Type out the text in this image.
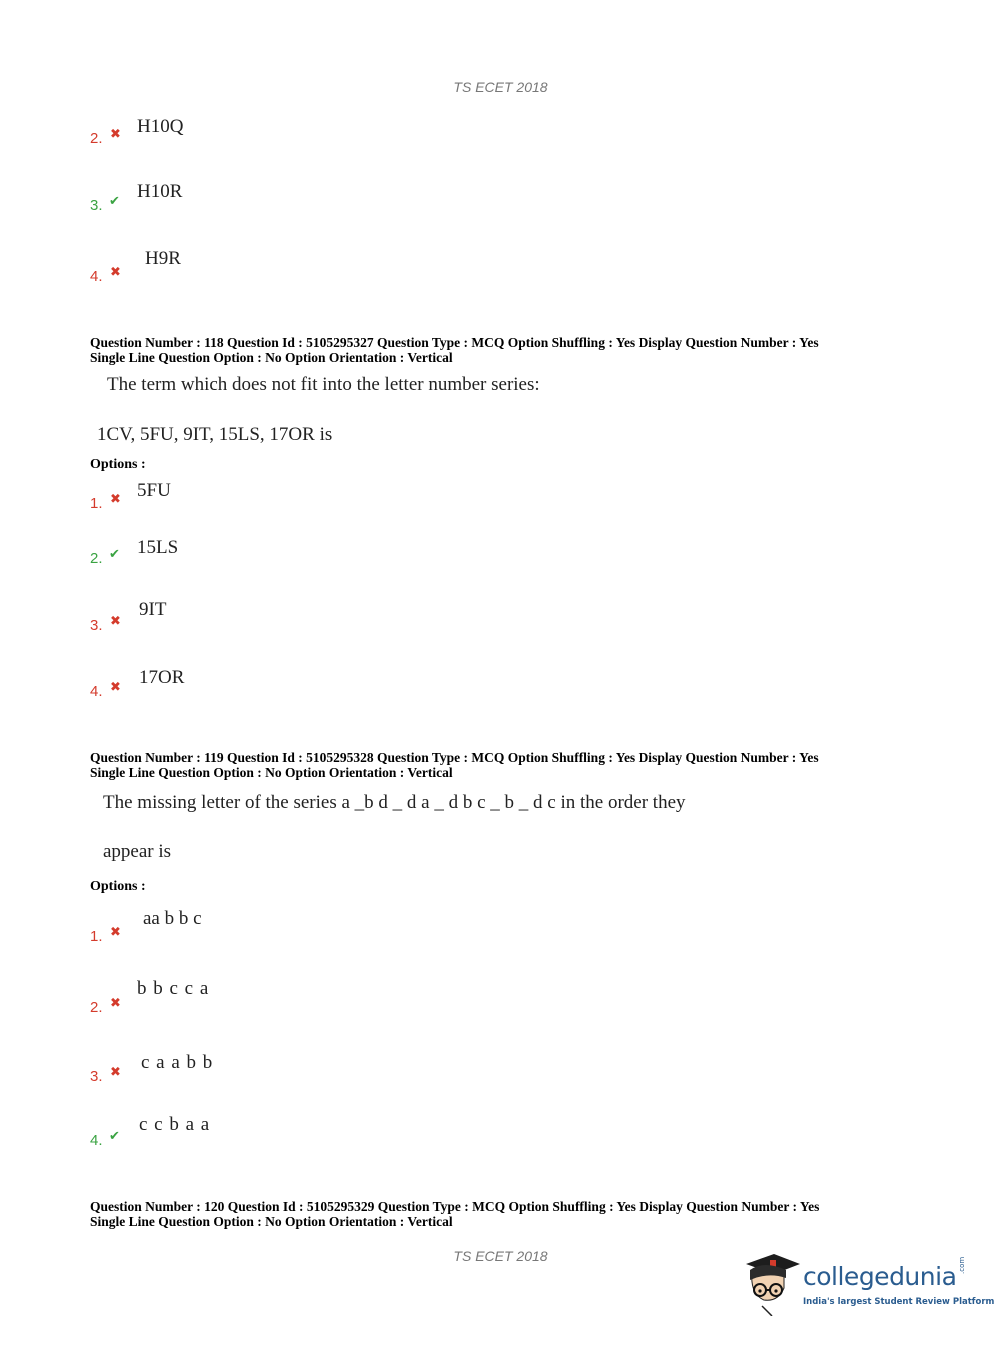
TS ECET 2018
2. ✖ H10Q
3. ✔ H10R
4. ✖
H9R
Question Number : 118 Question Id : 5105295327 Question Type : MCQ Option Shuffling : Yes Display Question Number : Yes
Single Line Question Option : No Option Orientation : Vertical
The term which does not fit into the letter number series:
1CV, 5FU, 9IT, 15LS, 17OR is
Options :
1. ✖ 5FU
2. ✔ 15LS
3. ✖
9IT
4. ✖ 17OR
Question Number : 119 Question Id : 5105295328 Question Type : MCQ Option Shuffling : Yes Display Question Number : Yes
Single Line Question Option : No Option Orientation : Vertical
The missing letter of the series a _b d _ d a _ d b c _ b _ d c in the order they
appear is
Options :
1. ✖
aa b b c
2. ✖
b b c c a
3. ✖ c a a b b
4. ✔
c c b a a
Question Number : 120 Question Id : 5105295329 Question Type : MCQ Option Shuffling : Yes Display Question Number : Yes
Single Line Question Option : No Option Orientation : Vertical
TS ECET 2018
collegedunia
India's largest Student Review Platform
.com
